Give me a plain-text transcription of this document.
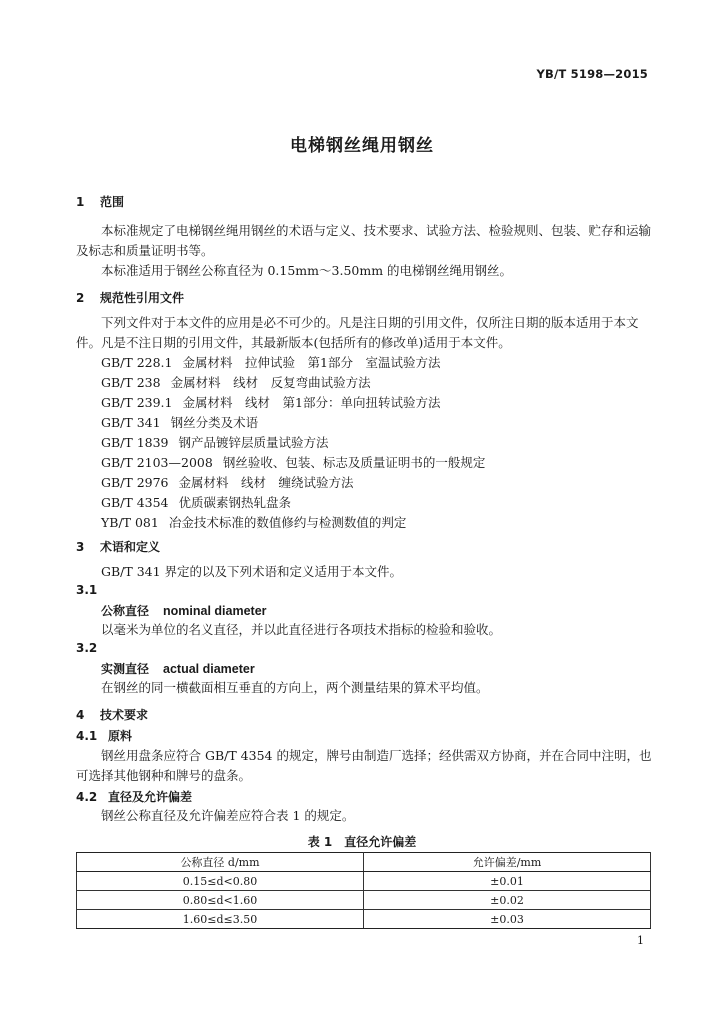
YB/T 5198—2015
电梯钢丝绳用钢丝
1 范围
本标准规定了电梯钢丝绳用钢丝的术语与定义、技术要求、试验方法、检验规则、包装、贮存和运输及标志和质量证明书等。
本标准适用于钢丝公称直径为 0.15mm～3.50mm 的电梯钢丝绳用钢丝。
2 规范性引用文件
下列文件对于本文件的应用是必不可少的。凡是注日期的引用文件，仅所注日期的版本适用于本文件。凡是不注日期的引用文件，其最新版本(包括所有的修改单)适用于本文件。
GB/T 228.1 金属材料　拉伸试验　第1部分　室温试验方法
GB/T 238 金属材料　线材　反复弯曲试验方法
GB/T 239.1 金属材料　线材　第1部分：单向扭转试验方法
GB/T 341 钢丝分类及术语
GB/T 1839 钢产品镀锌层质量试验方法
GB/T 2103—2008 钢丝验收、包装、标志及质量证明书的一般规定
GB/T 2976 金属材料　线材　缠绕试验方法
GB/T 4354 优质碳素钢热轧盘条
YB/T 081 冶金技术标准的数值修约与检测数值的判定
3 术语和定义
GB/T 341 界定的以及下列术语和定义适用于本文件。
3.1
公称直径 nominal diameter
以毫米为单位的名义直径，并以此直径进行各项技术指标的检验和验收。
3.2
实测直径 actual diameter
在钢丝的同一横截面相互垂直的方向上，两个测量结果的算术平均值。
4 技术要求
4.1 原料
钢丝用盘条应符合 GB/T 4354 的规定，牌号由制造厂选择；经供需双方协商，并在合同中注明，也可选择其他钢种和牌号的盘条。
4.2 直径及允许偏差
钢丝公称直径及允许偏差应符合表 1 的规定。
表 1 直径允许偏差
公称直径 d/mm	允许偏差/mm
0.15≤d<0.80	±0.01
0.80≤d<1.60	±0.02
1.60≤d≤3.50	±0.03
1
